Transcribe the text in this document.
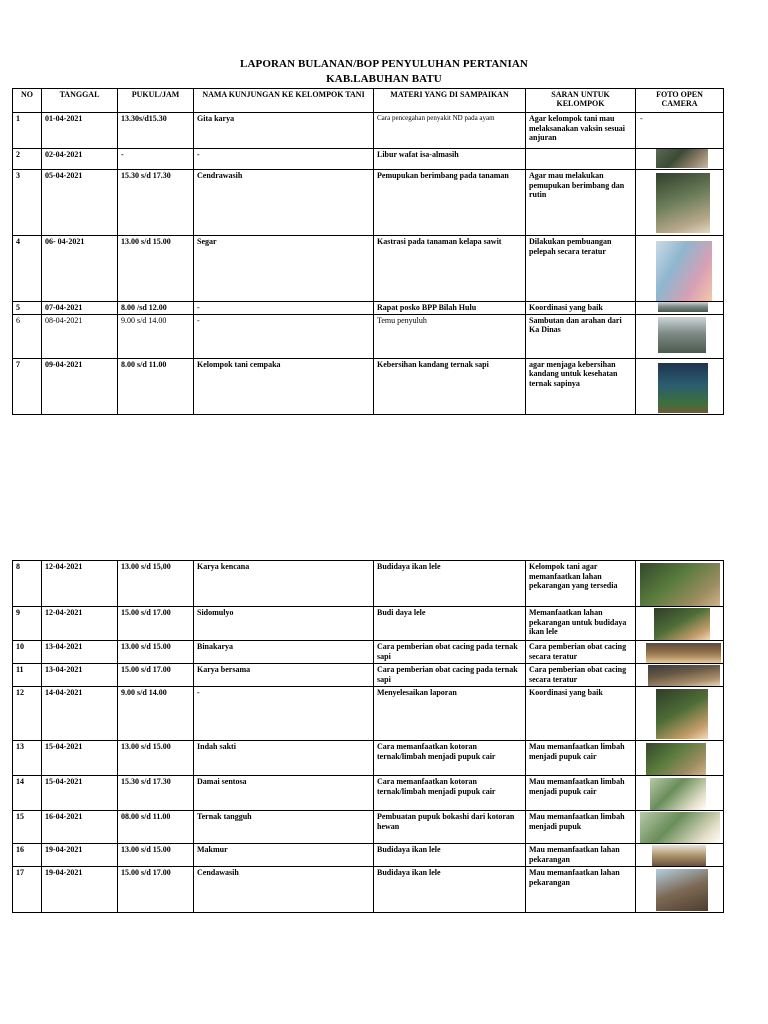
LAPORAN BULANAN/BOP PENYULUHAN PERTANIAN
KAB.LABUHAN BATU
NO	TANGGAL	PUKUL/JAM	NAMA KUNJUNGAN KE KELOMPOK TANI	MATERI YANG DI SAMPAIKAN	SARAN UNTUK KELOMPOK	FOTO OPEN CAMERA
1	01-04-2021	13.30s/d15.30	Gita karya	Cara pencegahan penyakit ND pada ayam	Agar kelompok tani mau melaksanakan vaksin sesuai anjuran	-

2	02-04-2021	-	-	Libur wafat isa-almasih		

3	05-04-2021	15.30 s/d 17.30	Cendrawasih	Pemupukan berimbang pada tanaman	Agar mau melakukan pemupukan berimbang dan rutin	

4	06- 04-2021	13.00 s/d 15.00	Segar	Kastrasi pada tanaman kelapa sawit	Dilakukan pembuangan pelepah secara teratur	

5	07-04-2021	8.00 /sd 12.00	-	Rapat posko BPP Bilah Hulu	Koordinasi yang baik	

6	08-04-2021	9.00 s/d 14.00	-	Temu penyuluh	Sambutan dan arahan dari Ka Dinas	

7	09-04-2021	8.00 s/d 11.00	Kelompok tani cempaka	Kebersihan kandang ternak sapi	agar menjaga kebersihan kandang untuk kesehatan ternak sapinya	
8	12-04-2021	13.00 s/d 15,00	Karya kencana	Budidaya ikan lele	Kelompok tani agar memanfaatkan lahan pekarangan yang tersedia	

9	12-04-2021	15.00 s/d 17.00	Sidomulyo	Budi daya lele	Memanfaatkan lahan pekarangan untuk budidaya ikan lele	

10	13-04-2021	13.00 s/d 15.00	Binakarya	Cara pemberian obat cacing pada ternak sapi	Cara pemberian obat cacing secara teratur	

11	13-04-2021	15.00 s/d 17.00	Karya bersama	Cara pemberian obat cacing pada ternak sapi	Cara pemberian obat cacing secara teratur	

12	14-04-2021	9.00 s/d 14.00	-	Menyelesaikan laporan	Koordinasi yang baik	

13	15-04-2021	13.00 s/d 15.00	Indah sakti	Cara memanfaatkan kotoran ternak/limbah menjadi pupuk cair	Mau memanfaatkan limbah menjadi pupuk cair	

14	15-04-2021	15.30 s/d 17.30	Damai sentosa	Cara memanfaatkan kotoran ternak/limbah menjadi pupuk cair	Mau memanfaatkan limbah menjadi pupuk cair	

15	16-04-2021	08.00 s/d 11.00	Ternak tangguh	Pembuatan pupuk bokashi dari kotoran hewan	Mau memanfaatkan limbah menjadi pupuk	

16	19-04-2021	13.00 s/d 15.00	Makmur	Budidaya ikan lele	Mau memanfaatkan lahan pekarangan	

17	19-04-2021	15.00 s/d 17.00	Cendawasih	Budidaya ikan lele	Mau memanfaatkan lahan pekarangan	
